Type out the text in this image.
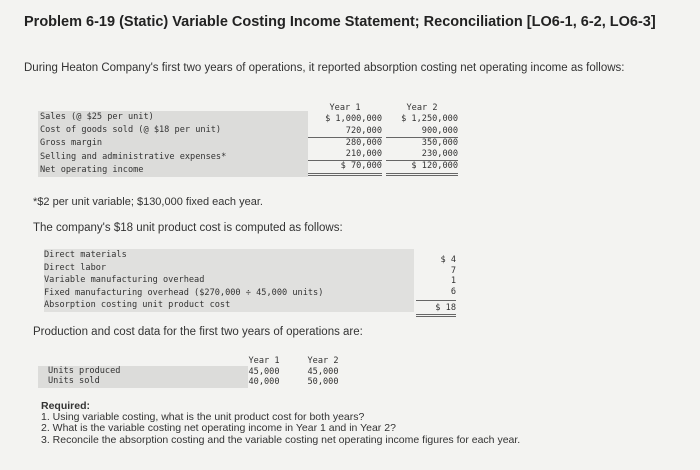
Problem 6-19 (Static) Variable Costing Income Statement; Reconciliation [LO6-1, 6-2, LO6-3]
During Heaton Company's first two years of operations, it reported absorption costing net operating income as follows:
Sales (@ $25 per unit)
Cost of goods sold (@ $18 per unit)
Gross margin
Selling and administrative expenses*
Net operating income
Year 1
$ 1,000,000
720,000
280,000
210,000
$ 70,000
Year 2
$ 1,250,000
900,000
350,000
230,000
$ 120,000
*$2 per unit variable; $130,000 fixed each year.
The company's $18 unit product cost is computed as follows:
Direct materials
Direct labor
Variable manufacturing overhead
Fixed manufacturing overhead ($270,000 ÷ 45,000 units)
Absorption costing unit product cost
$ 4
7
1
6
$ 18
Production and cost data for the first two years of operations are:
Units produced
Units sold
Year 1
45,000
40,000
Year 2
45,000
50,000
Required:
1. Using variable costing, what is the unit product cost for both years?
2. What is the variable costing net operating income in Year 1 and in Year 2?
3. Reconcile the absorption costing and the variable costing net operating income figures for each year.
